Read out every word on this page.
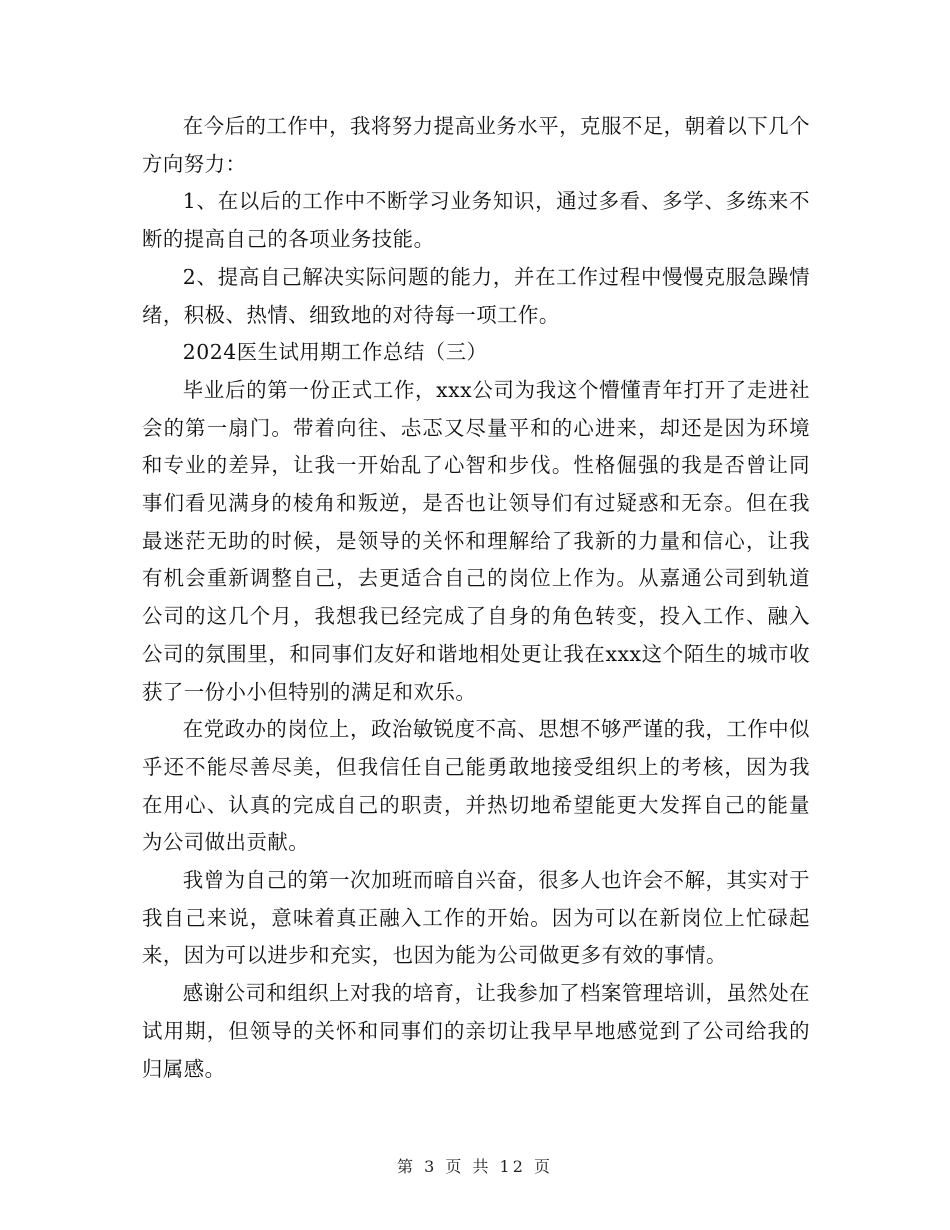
在今后的工作中，我将努力提高业务水平，克服不足，朝着以下几个方向努力：

1、在以后的工作中不断学习业务知识，通过多看、多学、多练来不断的提高自己的各项业务技能。

2、提高自己解决实际问题的能力，并在工作过程中慢慢克服急躁情绪，积极、热情、细致地的对待每一项工作。

2024医生试用期工作总结（三）

毕业后的第一份正式工作，xxx公司为我这个懵懂青年打开了走进社会的第一扇门。带着向往、忐忑又尽量平和的心进来，却还是因为环境和专业的差异，让我一开始乱了心智和步伐。性格倔强的我是否曾让同事们看见满身的棱角和叛逆，是否也让领导们有过疑惑和无奈。但在我最迷茫无助的时候，是领导的关怀和理解给了我新的力量和信心，让我有机会重新调整自己，去更适合自己的岗位上作为。从嘉通公司到轨道公司的这几个月，我想我已经完成了自身的角色转变，投入工作、融入公司的氛围里，和同事们友好和谐地相处更让我在xxx这个陌生的城市收获了一份小小但特别的满足和欢乐。

在党政办的岗位上，政治敏锐度不高、思想不够严谨的我，工作中似乎还不能尽善尽美，但我信任自己能勇敢地接受组织上的考核，因为我在用心、认真的完成自己的职责，并热切地希望能更大发挥自己的能量为公司做出贡献。

我曾为自己的第一次加班而暗自兴奋，很多人也许会不解，其实对于我自己来说，意味着真正融入工作的开始。因为可以在新岗位上忙碌起来，因为可以进步和充实，也因为能为公司做更多有效的事情。

感谢公司和组织上对我的培育，让我参加了档案管理培训，虽然处在试用期，但领导的关怀和同事们的亲切让我早早地感觉到了公司给我的归属感。

第 3 页 共 12 页
